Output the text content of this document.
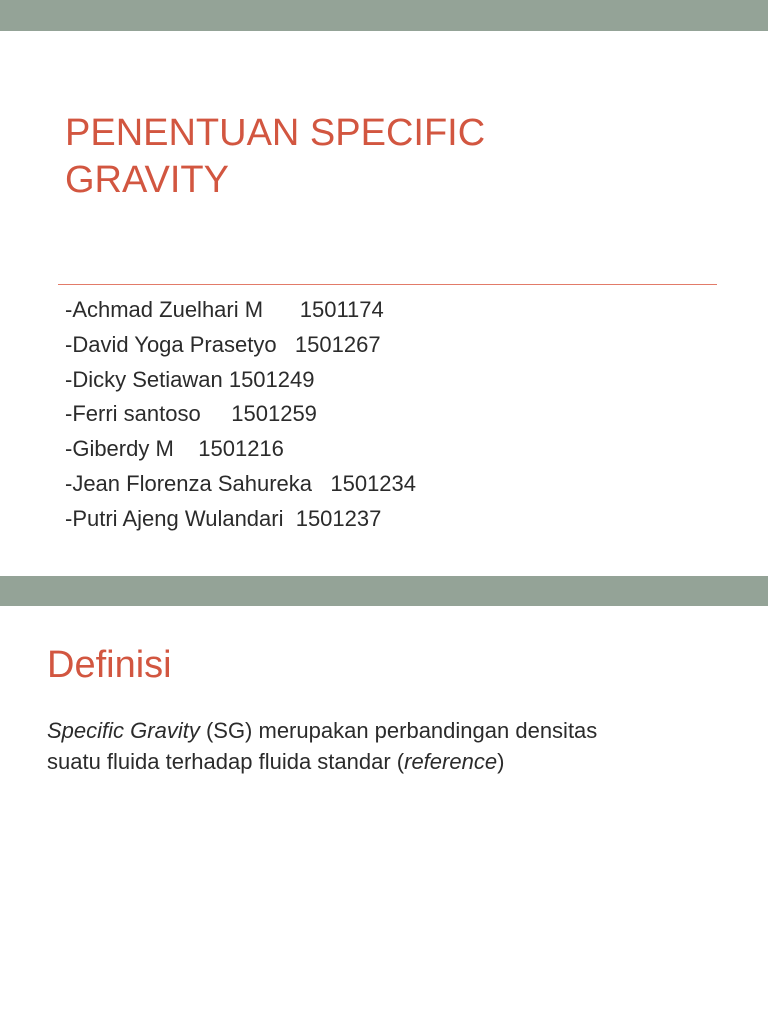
PENENTUAN SPECIFIC
GRAVITY
-Achmad Zuelhari M      1501174
-David Yoga Prasetyo   1501267
-Dicky Setiawan 1501249
-Ferri santoso     1501259
-Giberdy M    1501216
-Jean Florenza Sahureka   1501234
-Putri Ajeng Wulandari  1501237
Definisi

Specific Gravity (SG) merupakan perbandingan densitas
suatu fluida terhadap fluida standar (reference)
